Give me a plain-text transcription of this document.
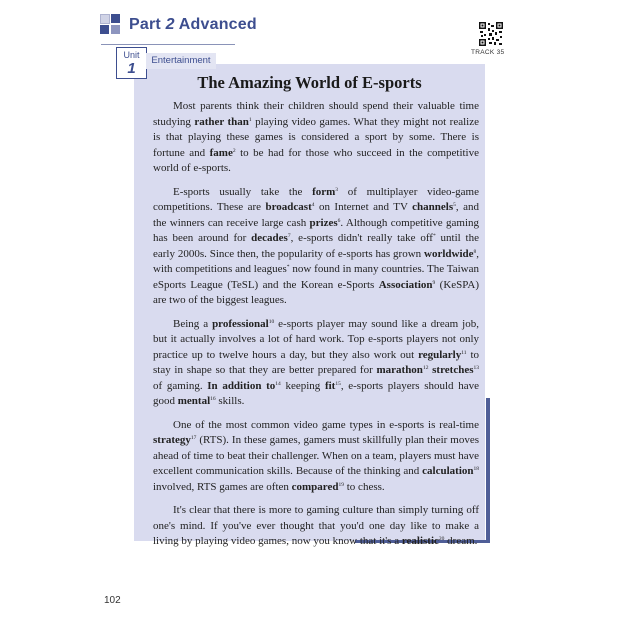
Part 2 Advanced
TRACK 35
Unit
1	Entertainment
The Amazing World of E-sports

Most parents think their children should spend their valuable time studying rather than$^1$ playing video games. What they might not realize is that playing these games is considered a sport by some. There is fortune and fame$^2$ to be had for those who succeed in the competitive world of e-sports.

E-sports usually take the form$^3$ of multiplayer video-game competitions. These are broadcast$^4$ on Internet and TV channels$^5$, and the winners can receive large cash prizes$^6$. Although competitive gaming has been around for decades$^7$, e-sports didn't really take off* until the early 2000s. Since then, the popularity of e-sports has grown worldwide$^8$, with competitions and leagues* now found in many countries. The Taiwan eSports League (TeSL) and the Korean e-Sports Association$^9$ (KeSPA) are two of the biggest leagues.

Being a professional$^{10}$ e-sports player may sound like a dream job, but it actually involves a lot of hard work. Top e-sports players not only practice up to twelve hours a day, but they also work out regularly$^{11}$ to stay in shape so that they are better prepared for marathon$^{12}$ stretches$^{13}$ of gaming. In addition $to^{14}$ keeping fit$^{15}$, e-sports players should have good mental$^{16}$ skills.

One of the most common video game types in e-sports is real-time strategy$^{17}$ (RTS). In these games, gamers must skillfully plan their moves ahead of time to beat their challenger. When on a team, players must have excellent communication skills. Because of the thinking and calculation$^{18}$ involved, RTS games are often compared$^{19}$ to chess.

It's clear that there is more to gaming culture than simply turning off one's mind. If you've ever thought that you'd one day like to make a living by playing video games, now you know that it's a realistic$^{20}$ dream.

102
